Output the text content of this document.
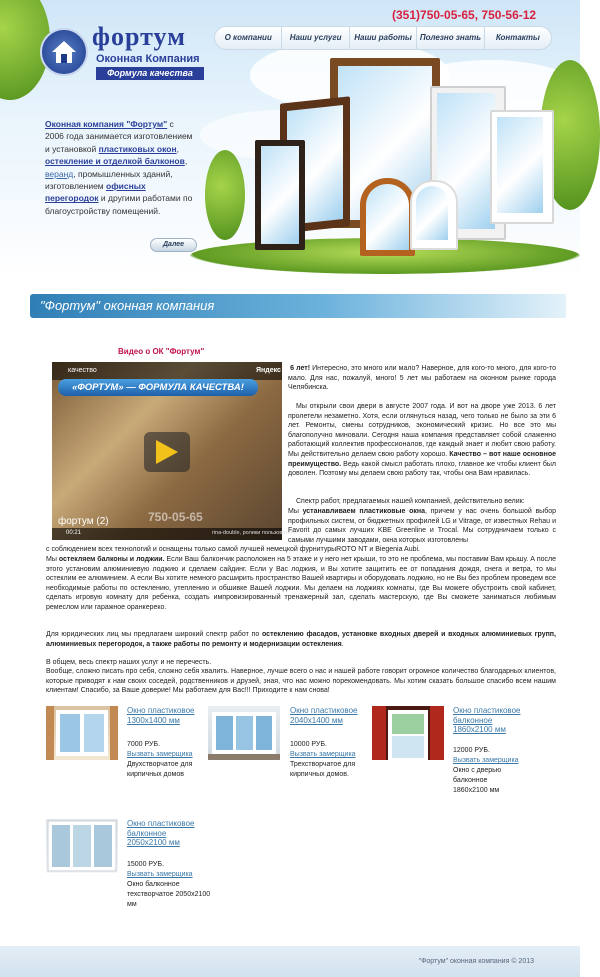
фортум
Оконная Компания
Формула качества
(351)750-05-65, 750-56-12
О компании	Наши услуги	Наши работы	Полезно знать	Контакты
Оконная компания "Фортум" с 2006 года занимается изготовлением и установкой пластиковых окон, остекление и отделкой балконов, веранд, промышленных зданий, изготовлением офисных перегородок и другими работами по благоустройству помещений.
Далее
"Фортум" оконная компания
Видео о ОК "Фортум"
качество	Яндекс
«ФОРТУМ» — ФОРМУЛА КАЧЕСТВА!
750-05-65
фортум (2)
00:21	rina-double, ролики пользователя
6 лет! Интересно, это много или мало? Наверное, для кого-то много, для кого-то мало. Для нас, пожалуй, много! 5 лет мы работаем на оконном рынке города Челябинска.
Мы открыли свои двери в августе 2007 года. И вот на дворе уже 2013. 6 лет пролетели незаметно. Хотя, если оглянуться назад, чего только не было за эти 6 лет. Ремонты, смены сотрудников, экономический кризис. Но все это мы благополучно миновали. Сегодня наша компания представляет собой слаженно работающий коллектив профессионалов, где каждый знает и любит свою работу. Мы действительно делаем свою работу хорошо. Качество – вот наше основное преимущество. Ведь какой смысл работать плохо, главное же чтобы клиент был доволен. Поэтому мы делаем свою работу так, чтобы она Вам нравилась.
Спектр работ, предлагаемых нашей компанией, действительно велик:
Мы устанавливаем пластиковые окна, причем у нас очень большой выбор профильных систем, от бюджетных профилей LG и Vitrage, от известных Rehau и Favorit до самых лучших KBE Greenline и Trocal. Мы сотрудничаем только с самыми лучшими заводами, окна которых изготовлены
с соблюдением всех технологий и оснащены только самой лучшей немецкой фурнитурыROTO NT и Biegenia Aubi.
Мы остекляем балконы и лоджии. Если Ваш балкончик расположен на 5 этаже и у него нет крыши, то это не проблема, мы поставим Вам крышу. А после этого установим алюминиевую лоджию и сделаем сайдинг. Если у Вас лоджия, и Вы хотите защитить ее от попадания дождя, снега и ветра, то мы остеклим ее алюминием. А если Вы хотите немного расширить пространство Вашей квартиры и оборудовать лоджию, но не Вы без проблем проведем все необходимые работы по остеклению, утеплению и обшивке Вашей лоджии. Мы делаем на лоджиях комнаты, где Вы можете обустроить свой кабинет, сделать игровую комнату для ребенка, создать импровизированный тренажерный зал, сделать мастерскую, где Вы сможете заниматься любимым ремеслом или гаражное оранкереко.
Для юридических лиц мы предлагаем широкий спектр работ по остеклению фасадов, установке входных дверей и входных алюминиевых групп, алюминиевых перегородок, а также работы по ремонту и модернизации остекления.
В общем, весь спектр наших услуг и не перечесть.
Вообще, сложно писать про себя, сложно себя хвалить. Наверное, лучше всего о нас и нашей работе говорит огромное количество благодарных клиентов, которые приводят к нам своих соседей, родственников и друзей, зная, что нас можно порекомендовать. Мы хотим сказать большое спасибо всем нашим клиентам! Спасибо, за Ваше доверие! Мы работаем для Вас!!! Приходите к нам снова!
Окно пластиковое 1300х1400 мм
7000 РУБ.
Вызвать замерщика
Двухстворчатое для кирпичных домов
Окно пластиковое 2040х1400 мм
10000 РУБ.
Вызвать замерщика
Трехстворчатое для кирпичных домов.
Окно пластиковое балконное 1860х2100 мм
12000 РУБ.
Вызвать замерщика
Окно с дверью балконное 1860х2100 мм
Окно пластиковое балконное 2050х2100 мм
15000 РУБ.
Вызвать замерщика
Окно балконное техстворчатое 2050х2100 мм
"Фортум" оконная компания © 2013
